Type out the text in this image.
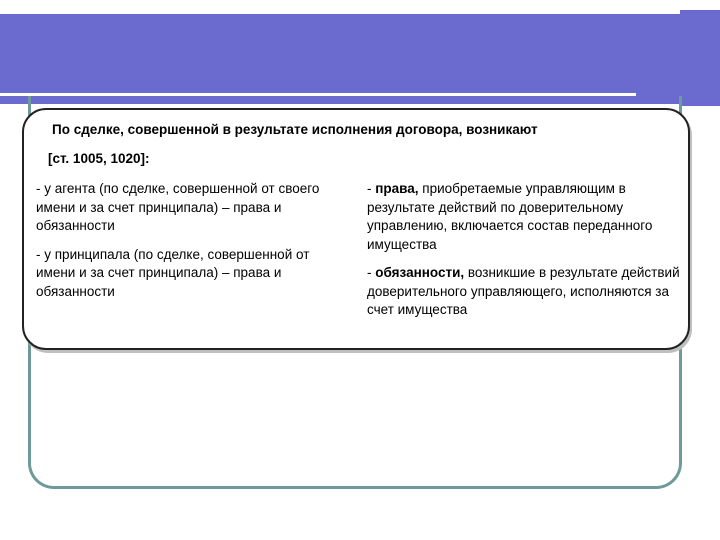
По сделке, совершенной в результате исполнения договора, возникают
[ст. 1005, 1020]:

- у агента (по сделке, совершенной от своего имени и за счет принципала) – права и обязанности

- у принципала (по сделке, совершенной от имени и за счет принципала) – права и обязанности

- права, приобретаемые управляющим в результате действий по доверительному управлению, включается состав переданного имущества

- обязанности, возникшие в результате действий доверительного управляющего, исполняются за счет имущества
